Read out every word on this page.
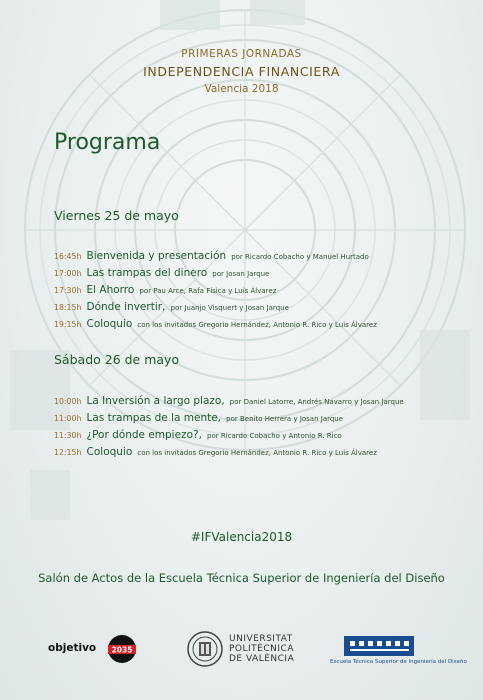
PRIMERAS JORNADAS
INDEPENDENCIA FINANCIERA
Valencia 2018
Programa
Viernes 25 de mayo
16:45h Bienvenida y presentación por Ricardo Cobacho y Manuel Hurtado
17:00h Las trampas del dinero por Josan Jarque
17:30h El Ahorro por Pau Arce, Rafa Física y Luis Álvarez
18:15h Dónde invertir, por Juanjo Visquert y Josan Jarque
19:15h Coloquio con los invitados Gregorio Hernández, Antonio R. Rico y Luis Álvarez
Sábado 26 de mayo
10:00h La Inversión a largo plazo, por Daniel Latorre, Andrés Navarro y Josan Jarque
11:00h Las trampas de la mente, por Benito Herrera y Josan Jarque
11:30h ¿Por dónde empiezo?, por Ricardo Cobacho y Antonio R. Rico
12:15h Coloquio con los invitados Gregorio Hernández, Antonio R. Rico y Luis Álvarez
#IFValencia2018
Salón de Actos de la Escuela Técnica Superior de Ingeniería del Diseño
objetivo 2035
UNIVERSITAT
POLITÈCNICA
DE VALÈNCIA	Escuela Técnica Superior de Ingeniería del Diseño
